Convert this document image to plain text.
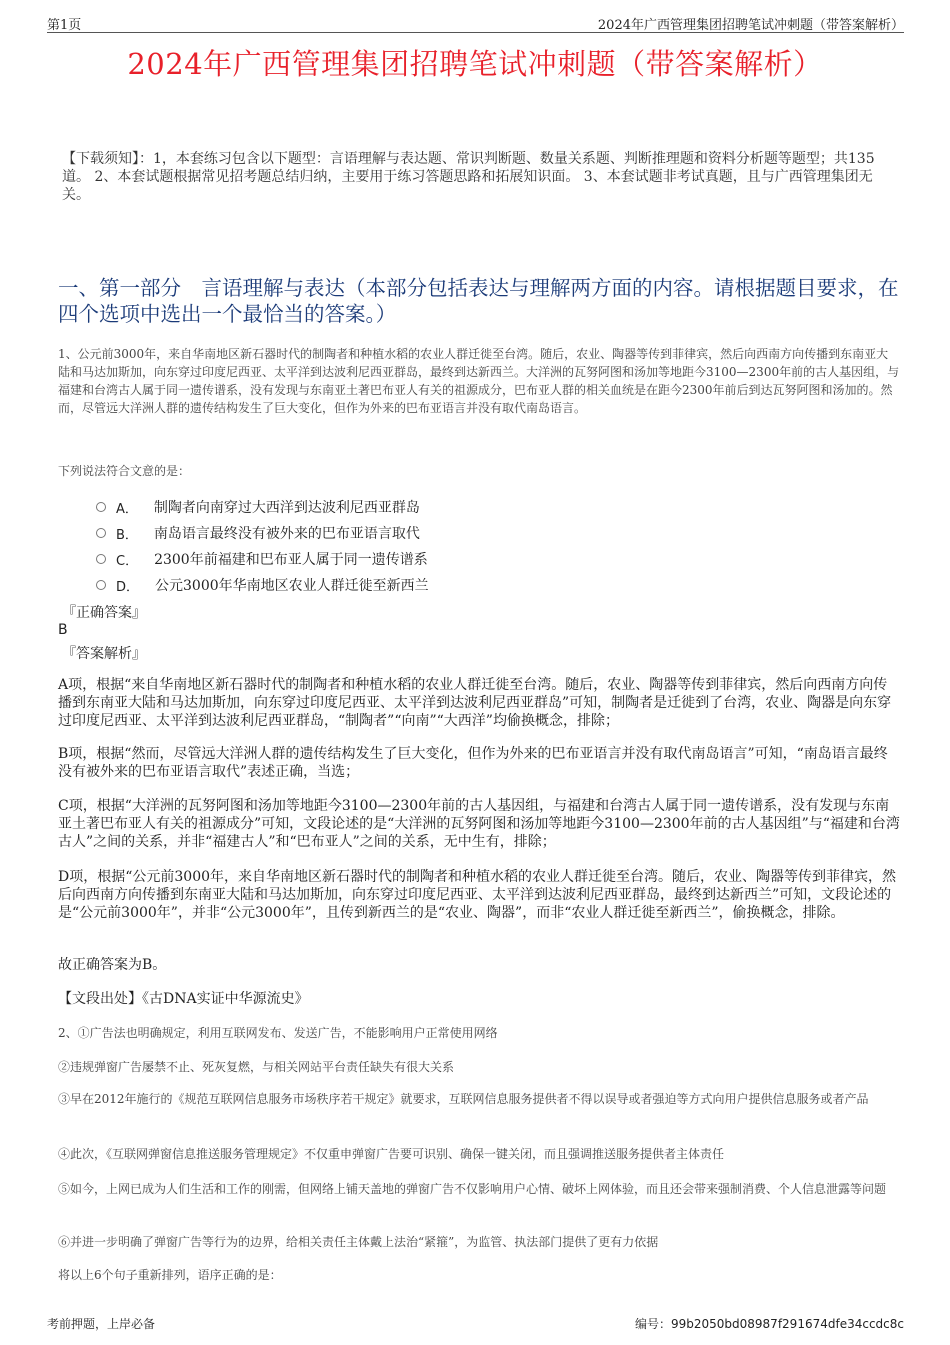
第1页	2024年广西管理集团招聘笔试冲刺题（带答案解析）
2024年广西管理集团招聘笔试冲刺题（带答案解析）
【下载须知】：1，本套练习包含以下题型：言语理解与表达题、常识判断题、数量关系题、判断推理题和资料分析题等题型；共135道。 2、本套试题根据常见招考题总结归纳，主要用于练习答题思路和拓展知识面。 3、本套试题非考试真题，且与广西管理集团无关。
一、第一部分　言语理解与表达（本部分包括表达与理解两方面的内容。请根据题目要求，在四个选项中选出一个最恰当的答案。）
1、公元前3000年，来自华南地区新石器时代的制陶者和种植水稻的农业人群迁徙至台湾。随后，农业、陶器等传到菲律宾，然后向西南方向传播到东南亚大陆和马达加斯加，向东穿过印度尼西亚、太平洋到达波利尼西亚群岛，最终到达新西兰。大洋洲的瓦努阿图和汤加等地距今3100—2300年前的古人基因组，与福建和台湾古人属于同一遗传谱系，没有发现与东南亚土著巴布亚人有关的祖源成分，巴布亚人群的相关血统是在距今2300年前后到达瓦努阿图和汤加的。然而，尽管远大洋洲人群的遗传结构发生了巨大变化，但作为外来的巴布亚语言并没有取代南岛语言。
下列说法符合文意的是：
A． 制陶者向南穿过大西洋到达波利尼西亚群岛
B． 南岛语言最终没有被外来的巴布亚语言取代
C． 2300年前福建和巴布亚人属于同一遗传谱系
D． 公元3000年华南地区农业人群迁徙至新西兰
『正确答案』
B
『答案解析』
A项，根据“来自华南地区新石器时代的制陶者和种植水稻的农业人群迁徙至台湾。随后，农业、陶器等传到菲律宾，然后向西南方向传播到东南亚大陆和马达加斯加，向东穿过印度尼西亚、太平洋到达波利尼西亚群岛”可知，制陶者是迁徙到了台湾，农业、陶器是向东穿过印度尼西亚、太平洋到达波利尼西亚群岛，“制陶者”“向南”“大西洋”均偷换概念，排除；
B项，根据“然而，尽管远大洋洲人群的遗传结构发生了巨大变化，但作为外来的巴布亚语言并没有取代南岛语言”可知，“南岛语言最终没有被外来的巴布亚语言取代”表述正确，当选；
C项，根据“大洋洲的瓦努阿图和汤加等地距今3100—2300年前的古人基因组，与福建和台湾古人属于同一遗传谱系，没有发现与东南亚土著巴布亚人有关的祖源成分”可知，文段论述的是“大洋洲的瓦努阿图和汤加等地距今3100—2300年前的古人基因组”与“福建和台湾古人”之间的关系，并非“福建古人”和“巴布亚人”之间的关系，无中生有，排除；
D项，根据“公元前3000年，来自华南地区新石器时代的制陶者和种植水稻的农业人群迁徙至台湾。随后，农业、陶器等传到菲律宾，然后向西南方向传播到东南亚大陆和马达加斯加，向东穿过印度尼西亚、太平洋到达波利尼西亚群岛，最终到达新西兰”可知，文段论述的是“公元前3000年”，并非“公元3000年”，且传到新西兰的是“农业、陶器”，而非“农业人群迁徙至新西兰”，偷换概念，排除。
故正确答案为B。
【文段出处】《古DNA实证中华源流史》
2、①广告法也明确规定，利用互联网发布、发送广告，不能影响用户正常使用网络
②违规弹窗广告屡禁不止、死灰复燃，与相关网站平台责任缺失有很大关系
③早在2012年施行的《规范互联网信息服务市场秩序若干规定》就要求，互联网信息服务提供者不得以误导或者强迫等方式向用户提供信息服务或者产品
④此次，《互联网弹窗信息推送服务管理规定》不仅重申弹窗广告要可识别、确保一键关闭，而且强调推送服务提供者主体责任
⑤如今，上网已成为人们生活和工作的刚需，但网络上铺天盖地的弹窗广告不仅影响用户心情、破坏上网体验，而且还会带来强制消费、个人信息泄露等问题
⑥并进一步明确了弹窗广告等行为的边界，给相关责任主体戴上法治“紧箍”，为监管、执法部门提供了更有力依据
将以上6个句子重新排列，语序正确的是：
考前押题，上岸必备	编号：99b2050bd08987f291674dfe34ccdc8c
